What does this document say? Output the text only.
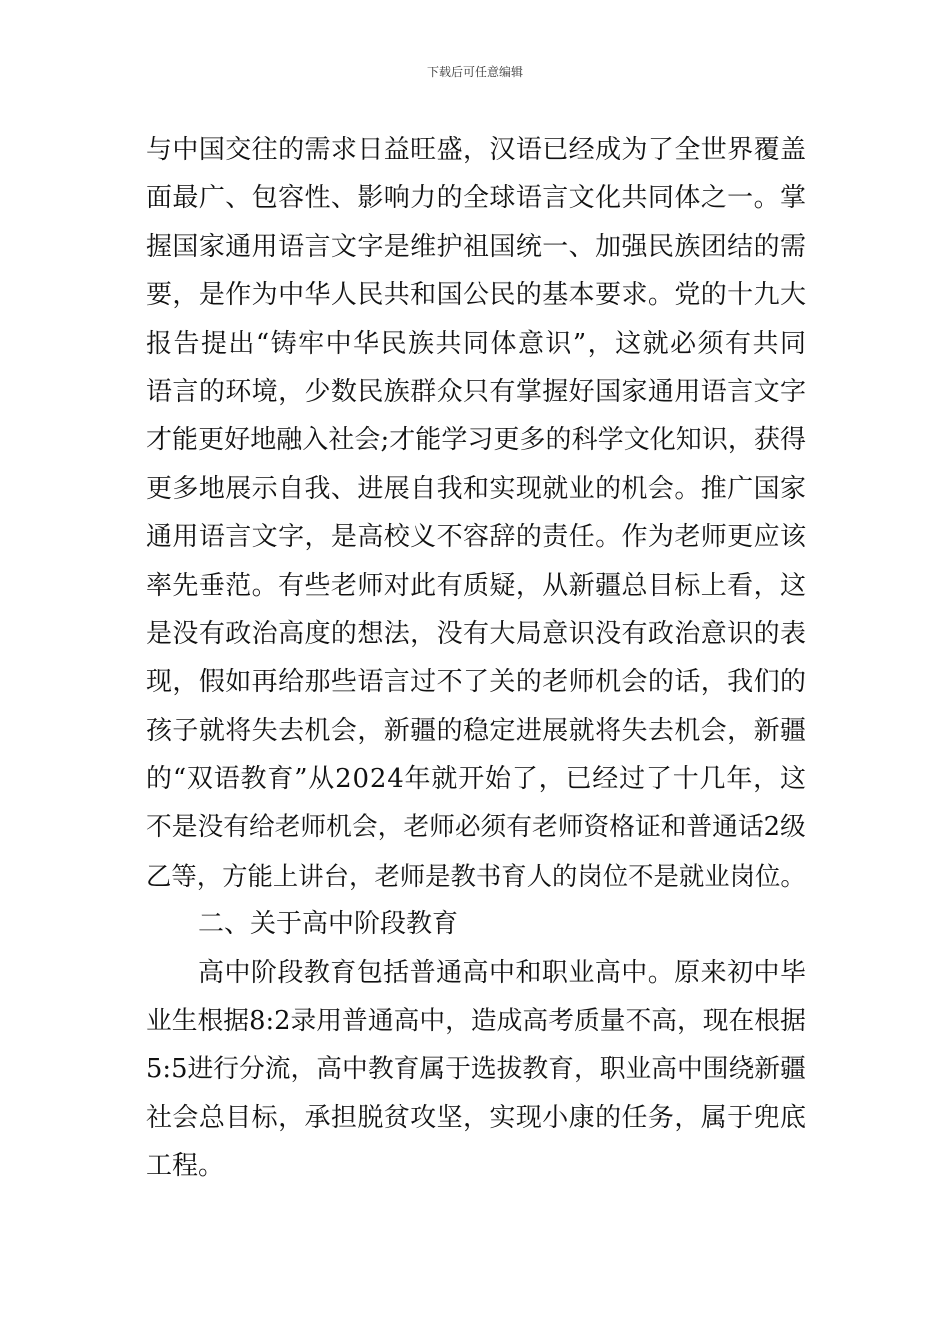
下载后可任意编辑
与中国交往的需求日益旺盛，汉语已经成为了全世界覆盖
面最广、包容性、影响力的全球语言文化共同体之一。掌
握国家通用语言文字是维护祖国统一、加强民族团结的需
要，是作为中华人民共和国公民的基本要求。党的十九大
报告提出“铸牢中华民族共同体意识”，这就必须有共同
语言的环境，少数民族群众只有掌握好国家通用语言文字
才能更好地融入社会;才能学习更多的科学文化知识，获得
更多地展示自我、进展自我和实现就业的机会。推广国家
通用语言文字，是高校义不容辞的责任。作为老师更应该
率先垂范。有些老师对此有质疑，从新疆总目标上看，这
是没有政治高度的想法，没有大局意识没有政治意识的表
现，假如再给那些语言过不了关的老师机会的话，我们的
孩子就将失去机会，新疆的稳定进展就将失去机会，新疆
的“双语教育”从2024年就开始了，已经过了十几年，这
不是没有给老师机会，老师必须有老师资格证和普通话2级
乙等，方能上讲台，老师是教书育人的岗位不是就业岗位。
二、关于高中阶段教育
高中阶段教育包括普通高中和职业高中。原来初中毕
业生根据8:2录用普通高中，造成高考质量不高，现在根据
5:5进行分流，高中教育属于选拔教育，职业高中围绕新疆
社会总目标，承担脱贫攻坚，实现小康的任务，属于兜底
工程。
